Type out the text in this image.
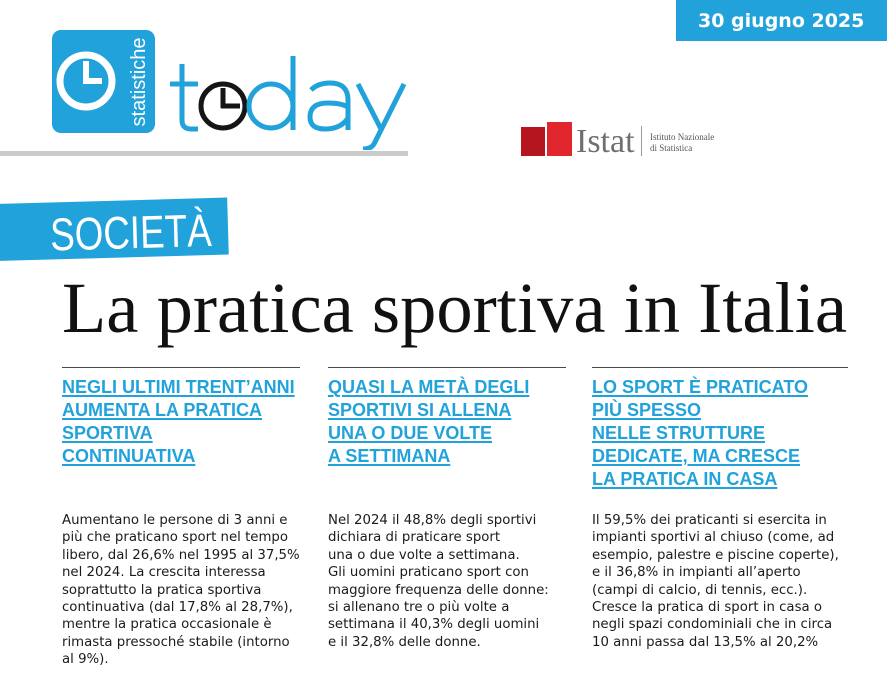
30 giugno 2025
statistiche
Istat Istituto Nazionale
di Statistica
SOCIETÀ
La pratica sportiva in Italia
NEGLI ULTIMI TRENT’ANNI
AUMENTA LA PRATICA
SPORTIVA
CONTINUATIVA

Aumentano le persone di 3 anni e
più che praticano sport nel tempo
libero, dal 26,6% nel 1995 al 37,5%
nel 2024. La crescita interessa
soprattutto la pratica sportiva
continuativa (dal 17,8% al 28,7%),
mentre la pratica occasionale è
rimasta pressoché stabile (intorno
al 9%).

QUASI LA METÀ DEGLI
SPORTIVI SI ALLENA
UNA O DUE VOLTE
A SETTIMANA

Nel 2024 il 48,8% degli sportivi
dichiara di praticare sport
una o due volte a settimana.
Gli uomini praticano sport con
maggiore frequenza delle donne:
si allenano tre o più volte a
settimana il 40,3% degli uomini
e il 32,8% delle donne.

LO SPORT È PRATICATO
PIÙ SPESSO
NELLE STRUTTURE
DEDICATE, MA CRESCE
LA PRATICA IN CASA

Il 59,5% dei praticanti si esercita in
impianti sportivi al chiuso (come, ad
esempio, palestre e piscine coperte),
e il 36,8% in impianti all’aperto
(campi di calcio, di tennis, ecc.).
Cresce la pratica di sport in casa o
negli spazi condominiali che in circa
10 anni passa dal 13,5% al 20,2%
